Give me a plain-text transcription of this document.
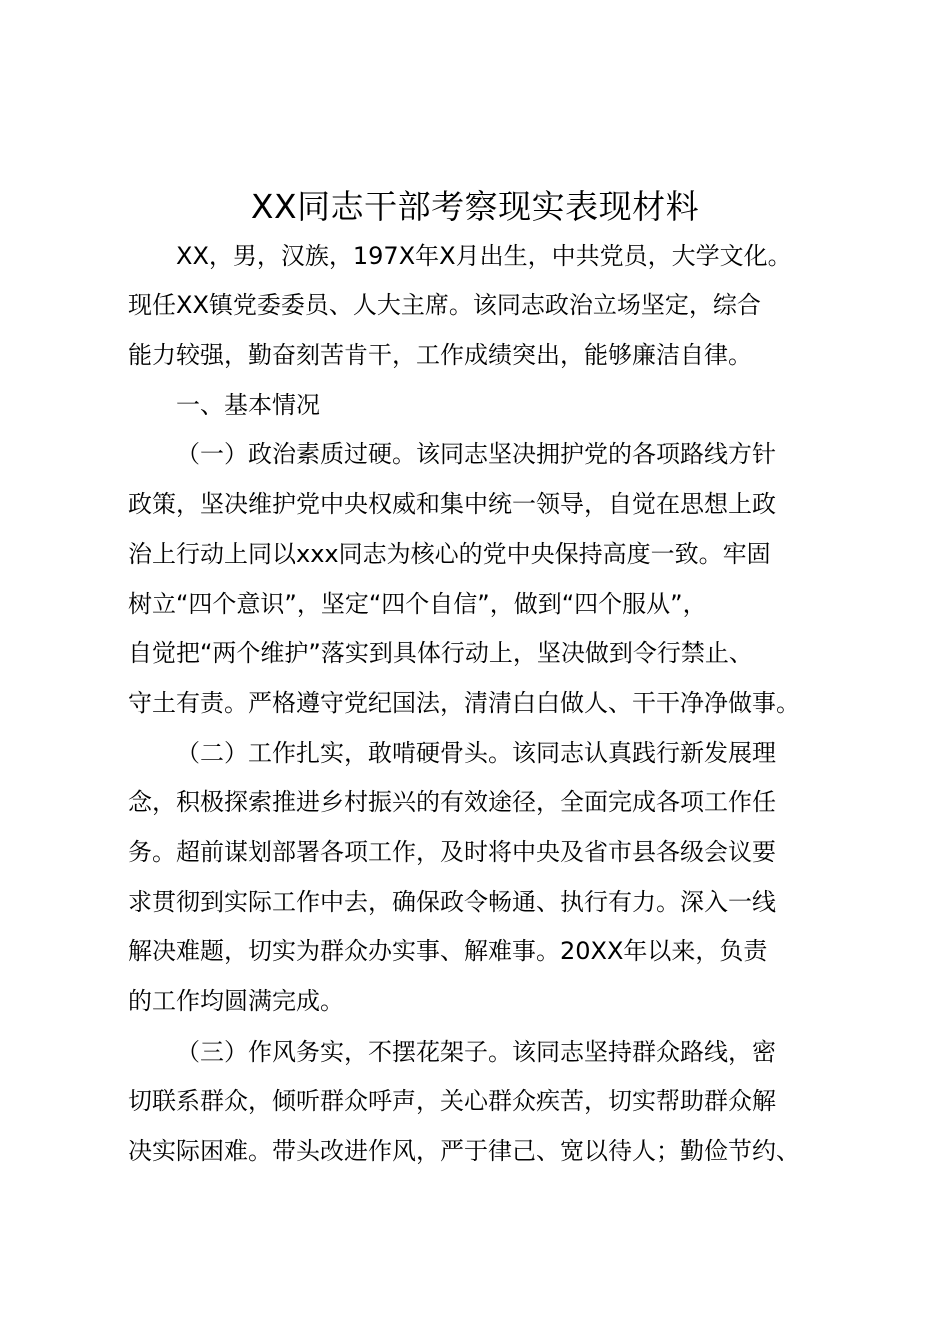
XX同志干部考察现实表现材料
XX，男，汉族，197X年X月出生，中共党员，大学文化。
现任XX镇党委委员、人大主席。该同志政治立场坚定，综合
能力较强，勤奋刻苦肯干，工作成绩突出，能够廉洁自律。
一、基本情况
（一）政治素质过硬。该同志坚决拥护党的各项路线方针
政策，坚决维护党中央权威和集中统一领导，自觉在思想上政
治上行动上同以xxx同志为核心的党中央保持高度一致。牢固
树立“四个意识”，坚定“四个自信”，做到“四个服从”，
自觉把“两个维护”落实到具体行动上，坚决做到令行禁止、
守土有责。严格遵守党纪国法，清清白白做人、干干净净做事。
（二）工作扎实，敢啃硬骨头。该同志认真践行新发展理
念，积极探索推进乡村振兴的有效途径，全面完成各项工作任
务。超前谋划部署各项工作，及时将中央及省市县各级会议要
求贯彻到实际工作中去，确保政令畅通、执行有力。深入一线
解决难题，切实为群众办实事、解难事。20XX年以来，负责
的工作均圆满完成。
（三）作风务实，不摆花架子。该同志坚持群众路线，密
切联系群众，倾听群众呼声，关心群众疾苦，切实帮助群众解
决实际困难。带头改进作风，严于律己、宽以待人；勤俭节约、
